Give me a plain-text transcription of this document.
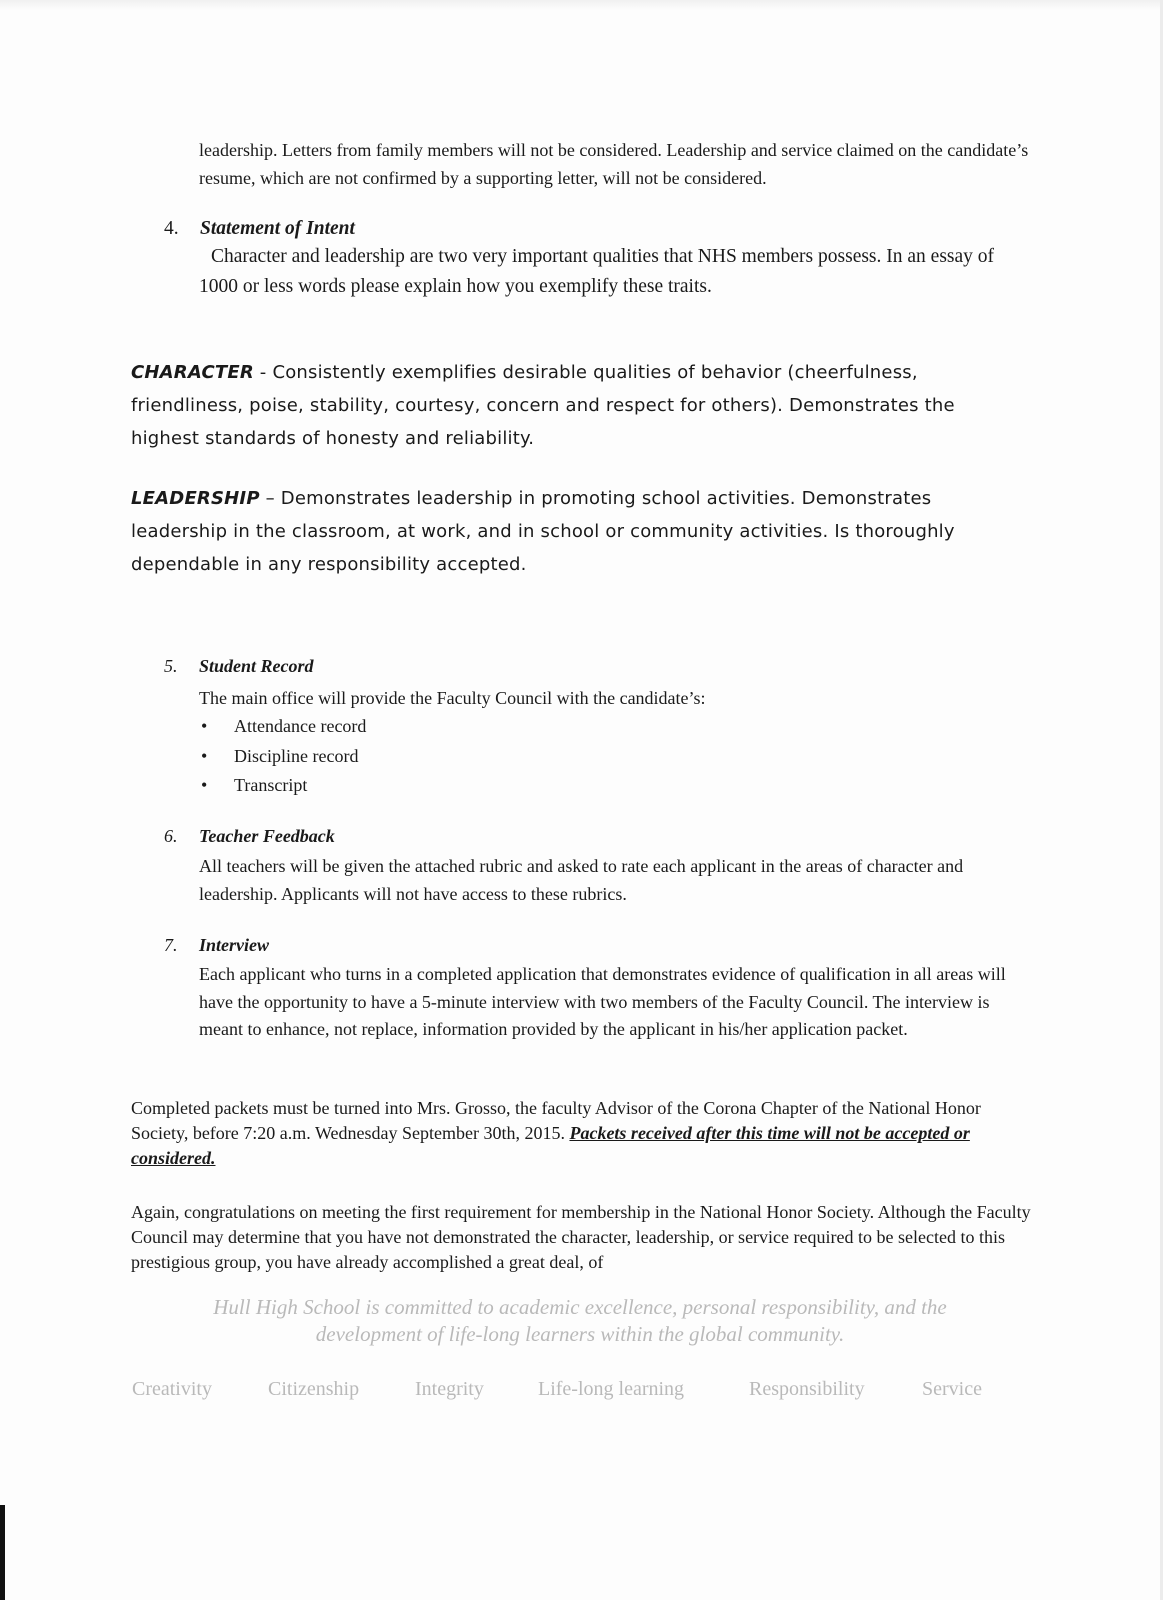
leadership. Letters from family members will not be considered. Leadership and service claimed on the candidate’s resume, which are not confirmed by a supporting letter, will not be considered.
4. Statement of Intent
Character and leadership are two very important qualities that NHS members possess. In an essay of 1000 or less words please explain how you exemplify these traits.
CHARACTER - Consistently exemplifies desirable qualities of behavior (cheerfulness, friendliness, poise, stability, courtesy, concern and respect for others). Demonstrates the highest standards of honesty and reliability.
LEADERSHIP – Demonstrates leadership in promoting school activities. Demonstrates leadership in the classroom, at work, and in school or community activities. Is thoroughly dependable in any responsibility accepted.
5. Student Record
The main office will provide the Faculty Council with the candidate’s:
• Attendance record
• Discipline record
• Transcript
6. Teacher Feedback
All teachers will be given the attached rubric and asked to rate each applicant in the areas of character and leadership. Applicants will not have access to these rubrics.
7. Interview
Each applicant who turns in a completed application that demonstrates evidence of qualification in all areas will have the opportunity to have a 5-minute interview with two members of the Faculty Council. The interview is meant to enhance, not replace, information provided by the applicant in his/her application packet.
Completed packets must be turned into Mrs. Grosso, the faculty Advisor of the Corona Chapter of the National Honor Society, before 7:20 a.m. Wednesday September 30th, 2015. Packets received after this time will not be accepted or considered.
Again, congratulations on meeting the first requirement for membership in the National Honor Society. Although the Faculty Council may determine that you have not demonstrated the character, leadership, or service required to be selected to this prestigious group, you have already accomplished a great deal, of
Hull High School is committed to academic excellence, personal responsibility, and the
development of life-long learners within the global community.
Creativity	Citizenship	Integrity	Life-long learning	Responsibility	Service
